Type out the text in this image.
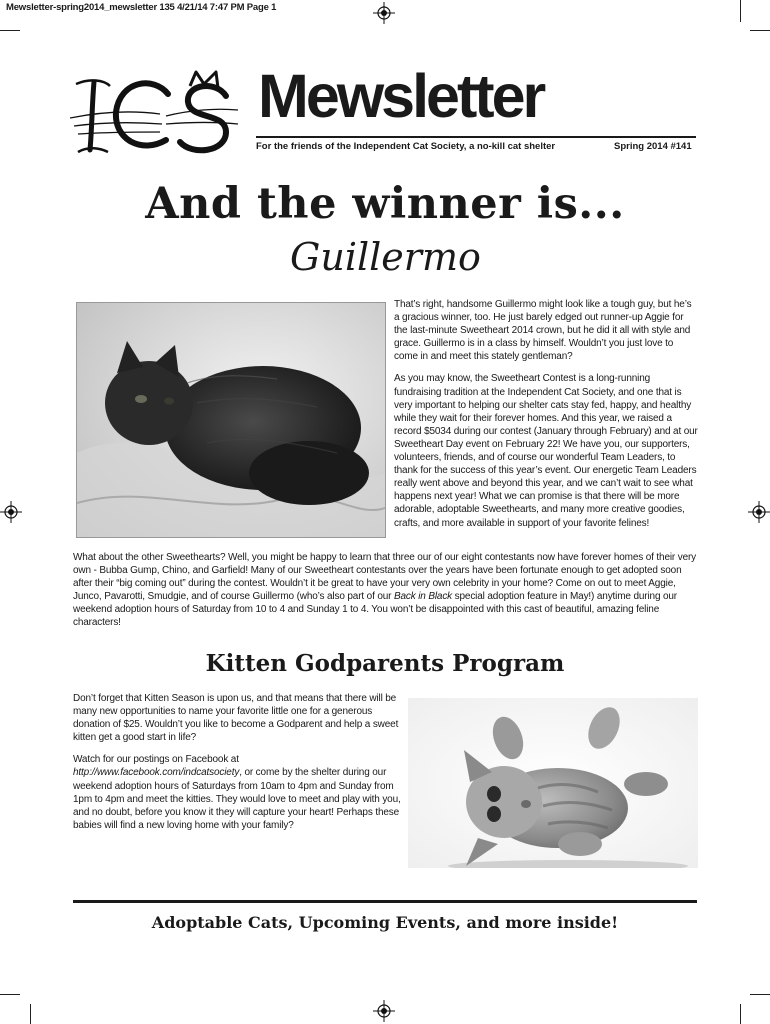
Mewsletter-spring2014_mewsletter 135 4/21/14 7:47 PM Page 1
Mewsletter
For the friends of the Independent Cat Society, a no-kill cat shelter	Spring 2014 #141
And the winner is...
Guillermo

That’s right, handsome Guillermo might look like a tough guy, but he’s a gracious winner, too. He just barely edged out runner-up Aggie for the last-minute Sweetheart 2014 crown, but he did it all with style and grace. Guillermo is in a class by himself. Wouldn’t you just love to come in and meet this stately gentleman?

As you may know, the Sweetheart Contest is a long-running fundraising tradition at the Independent Cat Society, and one that is very important to helping our shelter cats stay fed, happy, and healthy while they wait for their forever homes. And this year, we raised a record $5034 during our contest (January through February) and at our Sweetheart Day event on February 22! We have you, our supporters, volunteers, friends, and of course our wonderful Team Leaders, to thank for the success of this year’s event. Our energetic Team Leaders really went above and beyond this year, and we can’t wait to see what happens next year! What we can promise is that there will be more adorable, adoptable Sweethearts, and many more creative goodies, crafts, and more available in support of your favorite felines!

What about the other Sweethearts? Well, you might be happy to learn that three our of our eight contestants now have forever homes of their very own - Bubba Gump, Chino, and Garfield! Many of our Sweetheart contestants over the years have been fortunate enough to get adopted soon after their “big coming out” during the contest. Wouldn’t it be great to have your very own celebrity in your home? Come on out to meet Aggie, Junco, Pavarotti, Smudgie, and of course Guillermo (who’s also part of our Back in Black special adoption feature in May!) anytime during our weekend adoption hours of Saturday from 10 to 4 and Sunday 1 to 4. You won’t be disappointed with this cast of beautiful, amazing feline characters!

Kitten Godparents Program

Don’t forget that Kitten Season is upon us, and that means that there will be many new opportunities to name your favorite little one for a generous donation of $25. Wouldn’t you like to become a Godparent and help a sweet kitten get a good start in life?

Watch for our postings on Facebook at http://www.facebook.com/indcatsociety, or come by the shelter during our weekend adoption hours of Saturdays from 10am to 4pm and Sunday from 1pm to 4pm and meet the kitties. They would love to meet and play with you, and no doubt, before you know it they will capture your heart! Perhaps these babies will find a new loving home with your family?

Adoptable Cats, Upcoming Events, and more inside!
